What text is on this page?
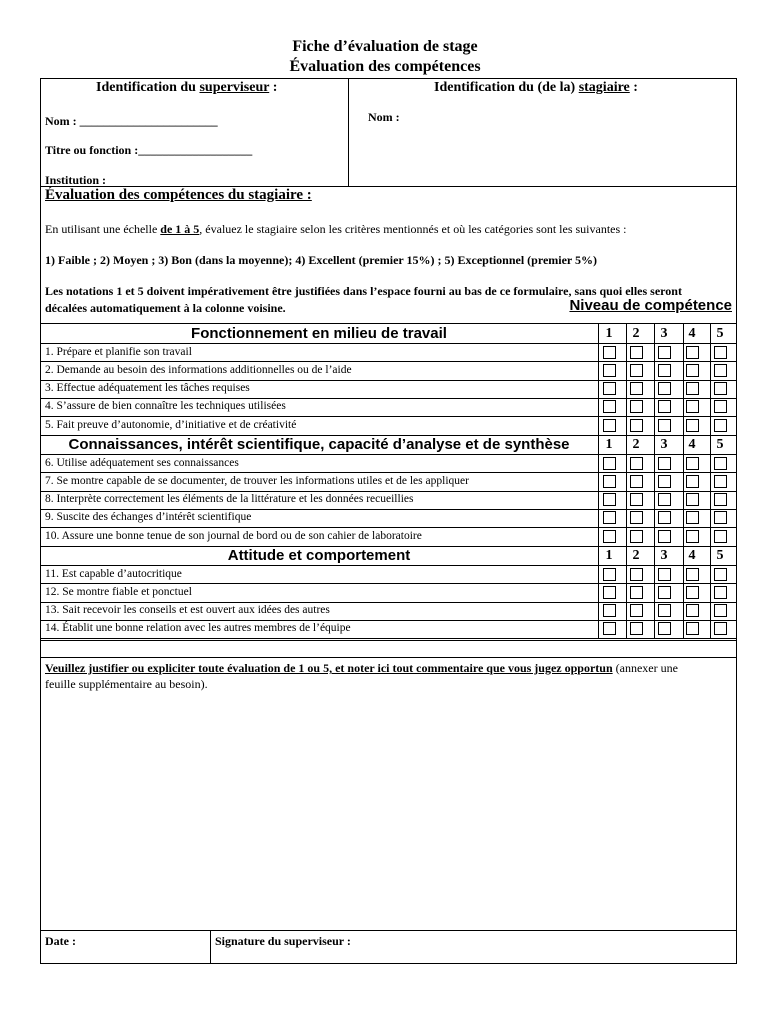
Fiche d’évaluation de stage
Évaluation des compétences
Identification du superviseur :	Identification du (de la) stagiaire :
Nom : _______________________
Titre ou fonction :___________________
Institution :
Nom :
Évaluation des compétences du stagiaire :
En utilisant une échelle de 1 à 5, évaluez le stagiaire selon les critères mentionnés et où les catégories sont les suivantes :
1) Faible ; 2) Moyen ; 3) Bon (dans la moyenne); 4) Excellent (premier 15%) ; 5) Exceptionnel (premier 5%)
Les notations 1 et 5 doivent impérativement être justifiées dans l’espace fourni au bas de ce formulaire, sans quoi elles seront
décalées automatiquement à la colonne voisine.	Niveau de compétence
Fonctionnement en milieu de travail	1	2	3	4	5
1. Prépare et planifie son travail
2. Demande au besoin des informations additionnelles ou de l’aide
3. Effectue adéquatement les tâches requises
4. S’assure de bien connaître les techniques utilisées
5. Fait preuve d’autonomie, d’initiative et de créativité
Connaissances, intérêt scientifique, capacité d’analyse et de synthèse	1	2	3	4	5
6. Utilise adéquatement ses connaissances
7. Se montre capable de se documenter, de trouver les informations utiles et de les appliquer
8. Interprète correctement les éléments de la littérature et les données recueillies
9. Suscite des échanges d’intérêt scientifique
10. Assure une bonne tenue de son journal de bord ou de son cahier de laboratoire
Attitude et comportement	1	2	3	4	5
11. Est capable d’autocritique
12. Se montre fiable et ponctuel
13. Sait recevoir les conseils et est ouvert aux idées des autres
14. Établit une bonne relation avec les autres membres de l’équipe
Veuillez justifier ou expliciter toute évaluation de 1 ou 5, et noter ici tout commentaire que vous jugez opportun (annexer une
feuille supplémentaire au besoin).
Date :	Signature du superviseur :
